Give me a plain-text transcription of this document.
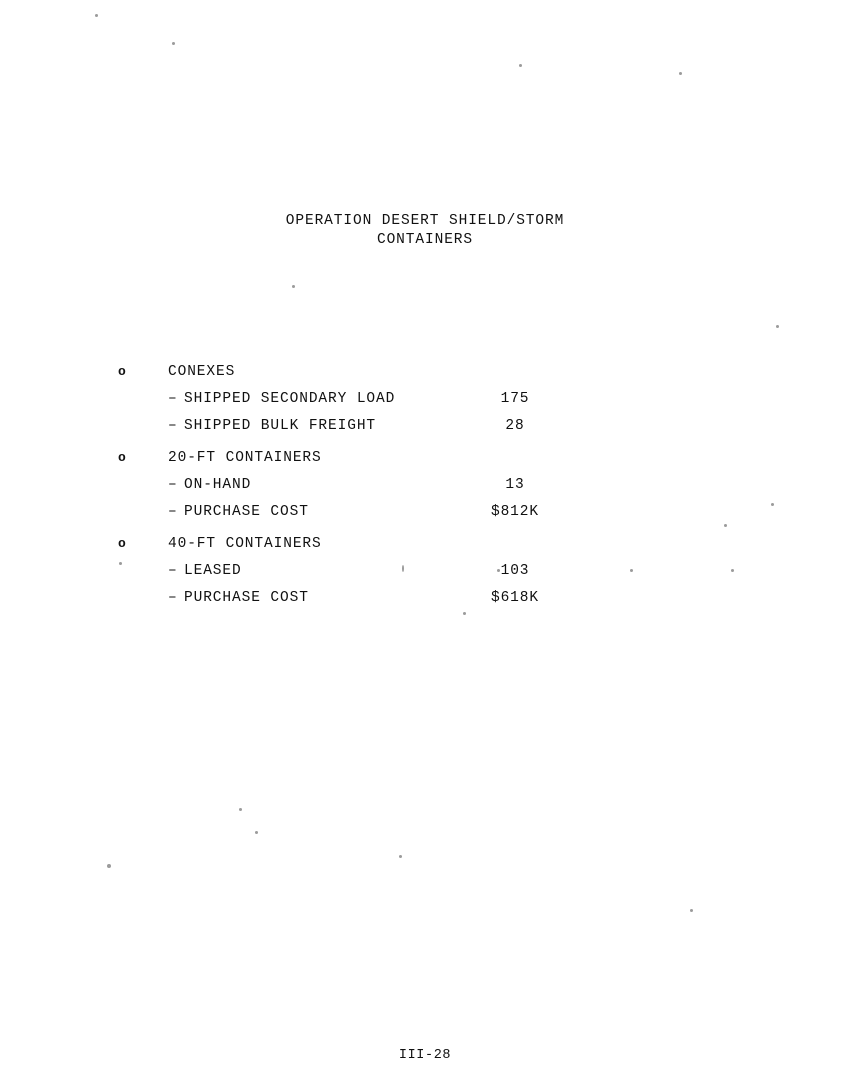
OPERATION DESERT SHIELD/STORM
CONTAINERS
o	CONEXES
– SHIPPED SECONDARY LOAD	175
– SHIPPED BULK FREIGHT	28
o	20-FT CONTAINERS
– ON-HAND	13
– PURCHASE COST	$812K
o	40-FT CONTAINERS
– LEASED	103
– PURCHASE COST	$618K
III-28
